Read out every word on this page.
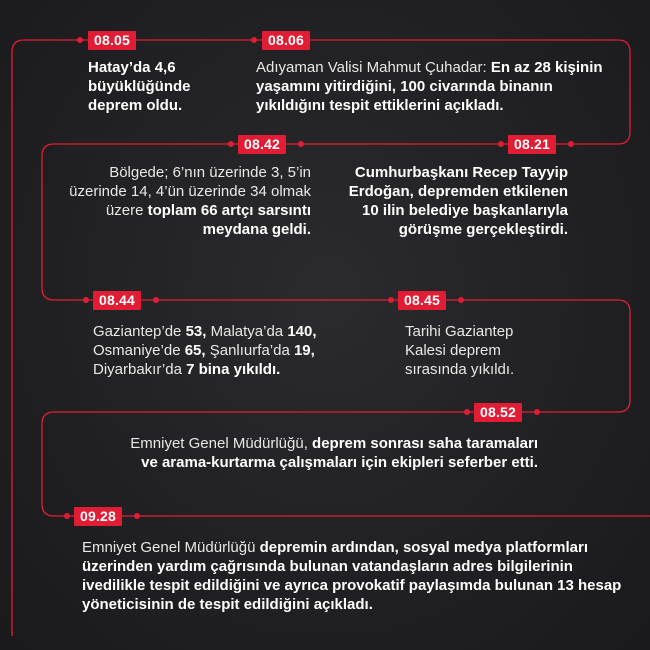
08.05	08.06
08.42	08.21
08.44	08.45
08.52
09.28
Hatay’da 4,6 büyüklüğünde deprem oldu.
Adıyaman Valisi Mahmut Çuhadar: En az 28 kişinin yaşamını yitirdiğini, 100 civarında binanın yıkıldığını tespit ettiklerini açıkladı.
Bölgede; 6’nın üzerinde 3, 5’in üzerinde 14, 4’ün üzerinde 34 olmak üzere toplam 66 artçı sarsıntı meydana geldi.
Cumhurbaşkanı Recep Tayyip Erdoğan, depremden etkilenen 10 ilin belediye başkanlarıyla görüşme gerçekleştirdi.
Gaziantep’de 53, Malatya’da 140, Osmaniye’de 65, Şanlıurfa’da 19, Diyarbakır’da 7 bina yıkıldı.
Tarihi Gaziantep Kalesi deprem sırasında yıkıldı.
Emniyet Genel Müdürlüğü, deprem sonrası saha taramaları ve arama-kurtarma çalışmaları için ekipleri seferber etti.
Emniyet Genel Müdürlüğü depremin ardından, sosyal medya platformları üzerinden yardım çağrısında bulunan vatandaşların adres bilgilerinin ivedilikle tespit edildiğini ve ayrıca provokatif paylaşımda bulunan 13 hesap yöneticisinin de tespit edildiğini açıkladı.
